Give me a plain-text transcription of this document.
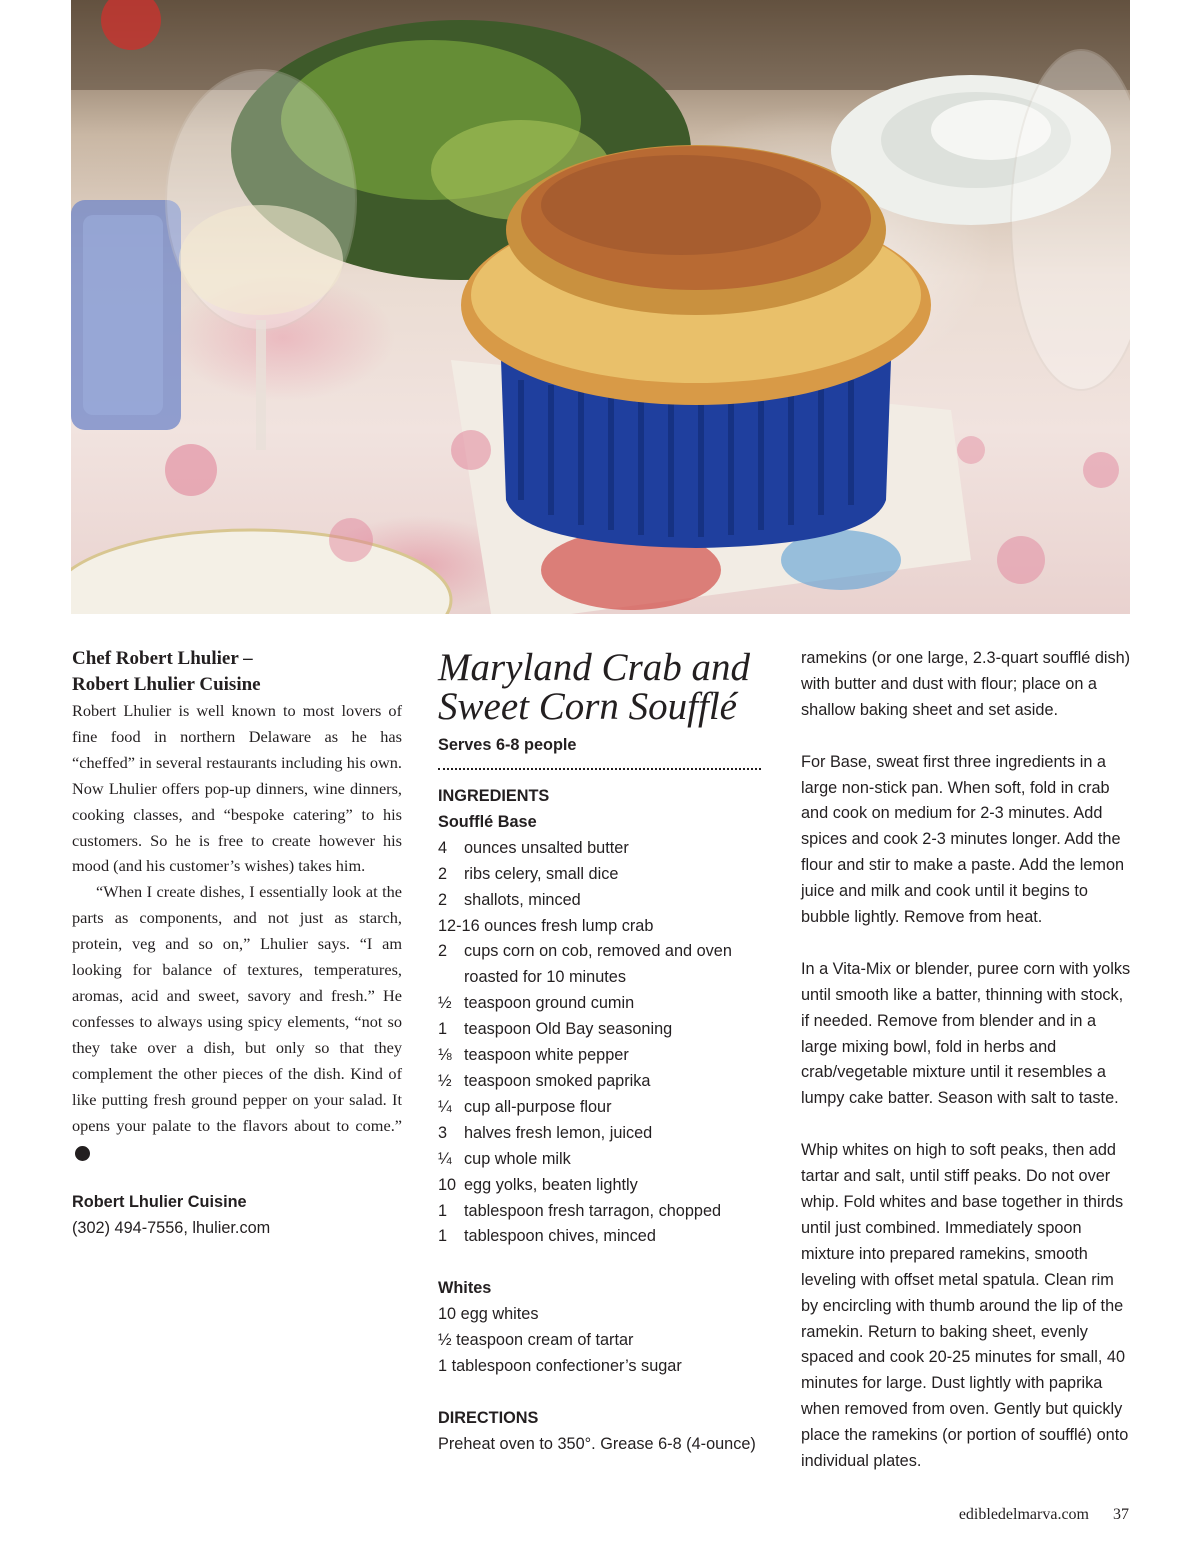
Chef Robert Lhulier –
Robert Lhulier Cuisine

Robert Lhulier is well known to most lovers of fine food in northern Delaware as he has “cheffed” in several restaurants including his own. Now Lhulier offers pop-up dinners, wine dinners, cooking classes, and “bespoke catering” to his customers. So he is free to create however his mood (and his customer’s wishes) takes him.

“When I create dishes, I essentially look at the parts as components, and not just as starch, protein, veg and so on,” Lhulier says. “I am looking for balance of textures, temperatures, aromas, acid and sweet, savory and fresh.” He confesses to always using spicy elements, “not so they take over a dish, but only so that they complement the other pieces of the dish. Kind of like putting fresh ground pepper on your salad. It opens your palate to the flavors about to come.”e

Robert Lhulier Cuisine
(302) 494-7556, lhulier.com
Maryland Crab and
Sweet Corn Soufflé
Serves 6-8 people
INGREDIENTS
Soufflé Base
4	ounces unsalted butter
2	ribs celery, small dice
2	shallots, minced
12-16 ounces fresh lump crab
2	cups corn on cob, removed and oven roasted for 10 minutes
½ teaspoon ground cumin
1	teaspoon Old Bay seasoning
⅛ teaspoon white pepper
½ teaspoon smoked paprika
¼ cup all-purpose flour
3	halves fresh lemon, juiced
¼ cup whole milk
10 egg yolks, beaten lightly
1	tablespoon fresh tarragon, chopped
1	tablespoon chives, minced
Whites
10 egg whites
½ teaspoon cream of tartar
1 tablespoon confectioner’s sugar
DIRECTIONS
Preheat oven to 350°. Grease 6-8 (4-ounce)

ramekins (or one large, 2.3-quart soufflé dish) with butter and dust with flour; place on a shallow baking sheet and set aside.

For Base, sweat first three ingredients in a large non-stick pan. When soft, fold in crab and cook on medium for 2-3 minutes. Add spices and cook 2-3 minutes longer. Add the flour and stir to make a paste. Add the lemon juice and milk and cook until it begins to bubble lightly. Remove from heat.

In a Vita-Mix or blender, puree corn with yolks until smooth like a batter, thinning with stock, if needed. Remove from blender and in a large mixing bowl, fold in herbs and crab/vegetable mixture until it resembles a lumpy cake batter. Season with salt to taste.

Whip whites on high to soft peaks, then add tartar and salt, until stiff peaks. Do not over whip. Fold whites and base together in thirds until just combined. Immediately spoon mixture into prepared ramekins, smooth leveling with offset metal spatula. Clean rim by encircling with thumb around the lip of the ramekin. Return to baking sheet, evenly spaced and cook 20-25 minutes for small, 40 minutes for large. Dust lightly with paprika when removed from oven. Gently but quickly place the ramekins (or portion of soufflé) onto individual plates.

edibledelmarva.com 37
